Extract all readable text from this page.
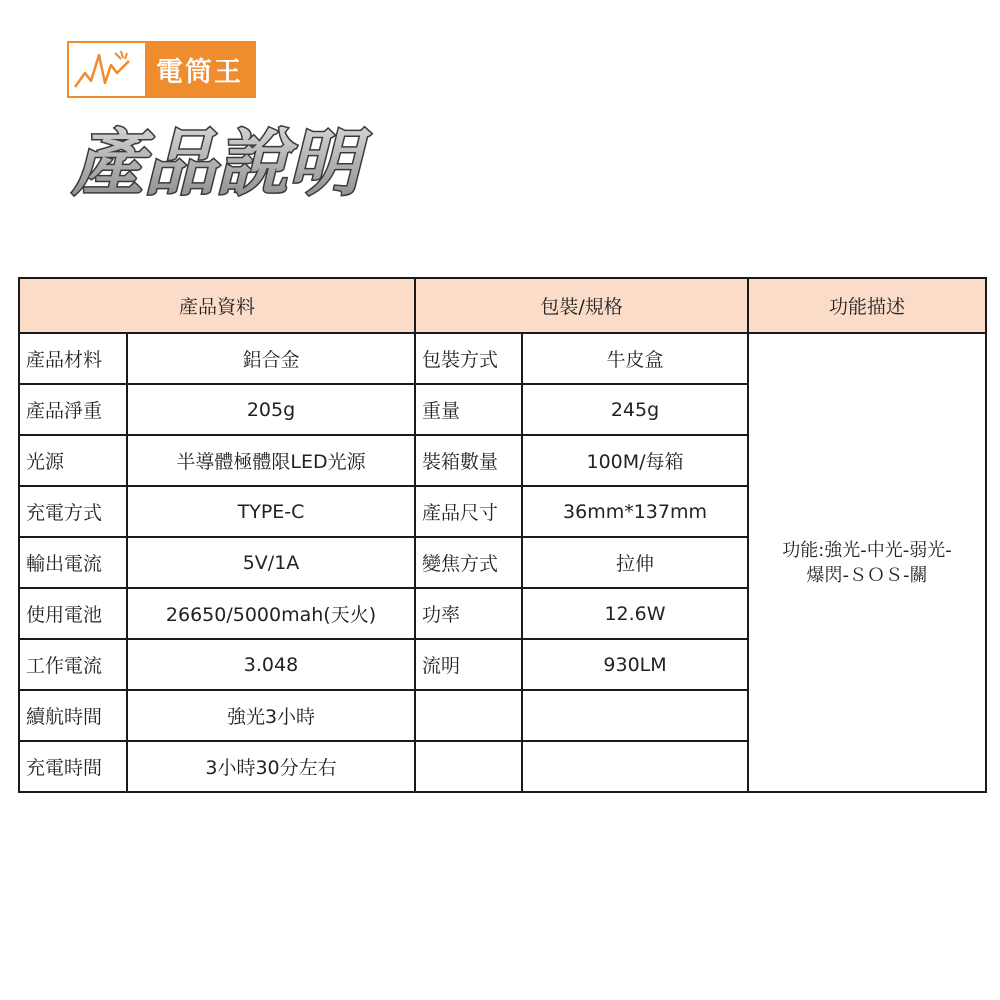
電筒王
產品說明
產品資料		包裝/規格		功能描述
產品材料	鋁合金	包裝方式	牛皮盒	功能:強光-中光-弱光-
爆閃-ＳＯＳ-關

產品淨重	205g	重量	245g	
光源	半導體極體限LED光源	裝箱數量	100M/每箱	
充電方式	TYPE-C	產品尺寸	36mm*137mm	
輸出電流	5V/1A	變焦方式	拉伸	
使用電池	26650/5000mah(天火)	功率	12.6W	
工作電流	3.048	流明	930LM	
續航時間	強光3小時			
充電時間	3小時30分左右			
